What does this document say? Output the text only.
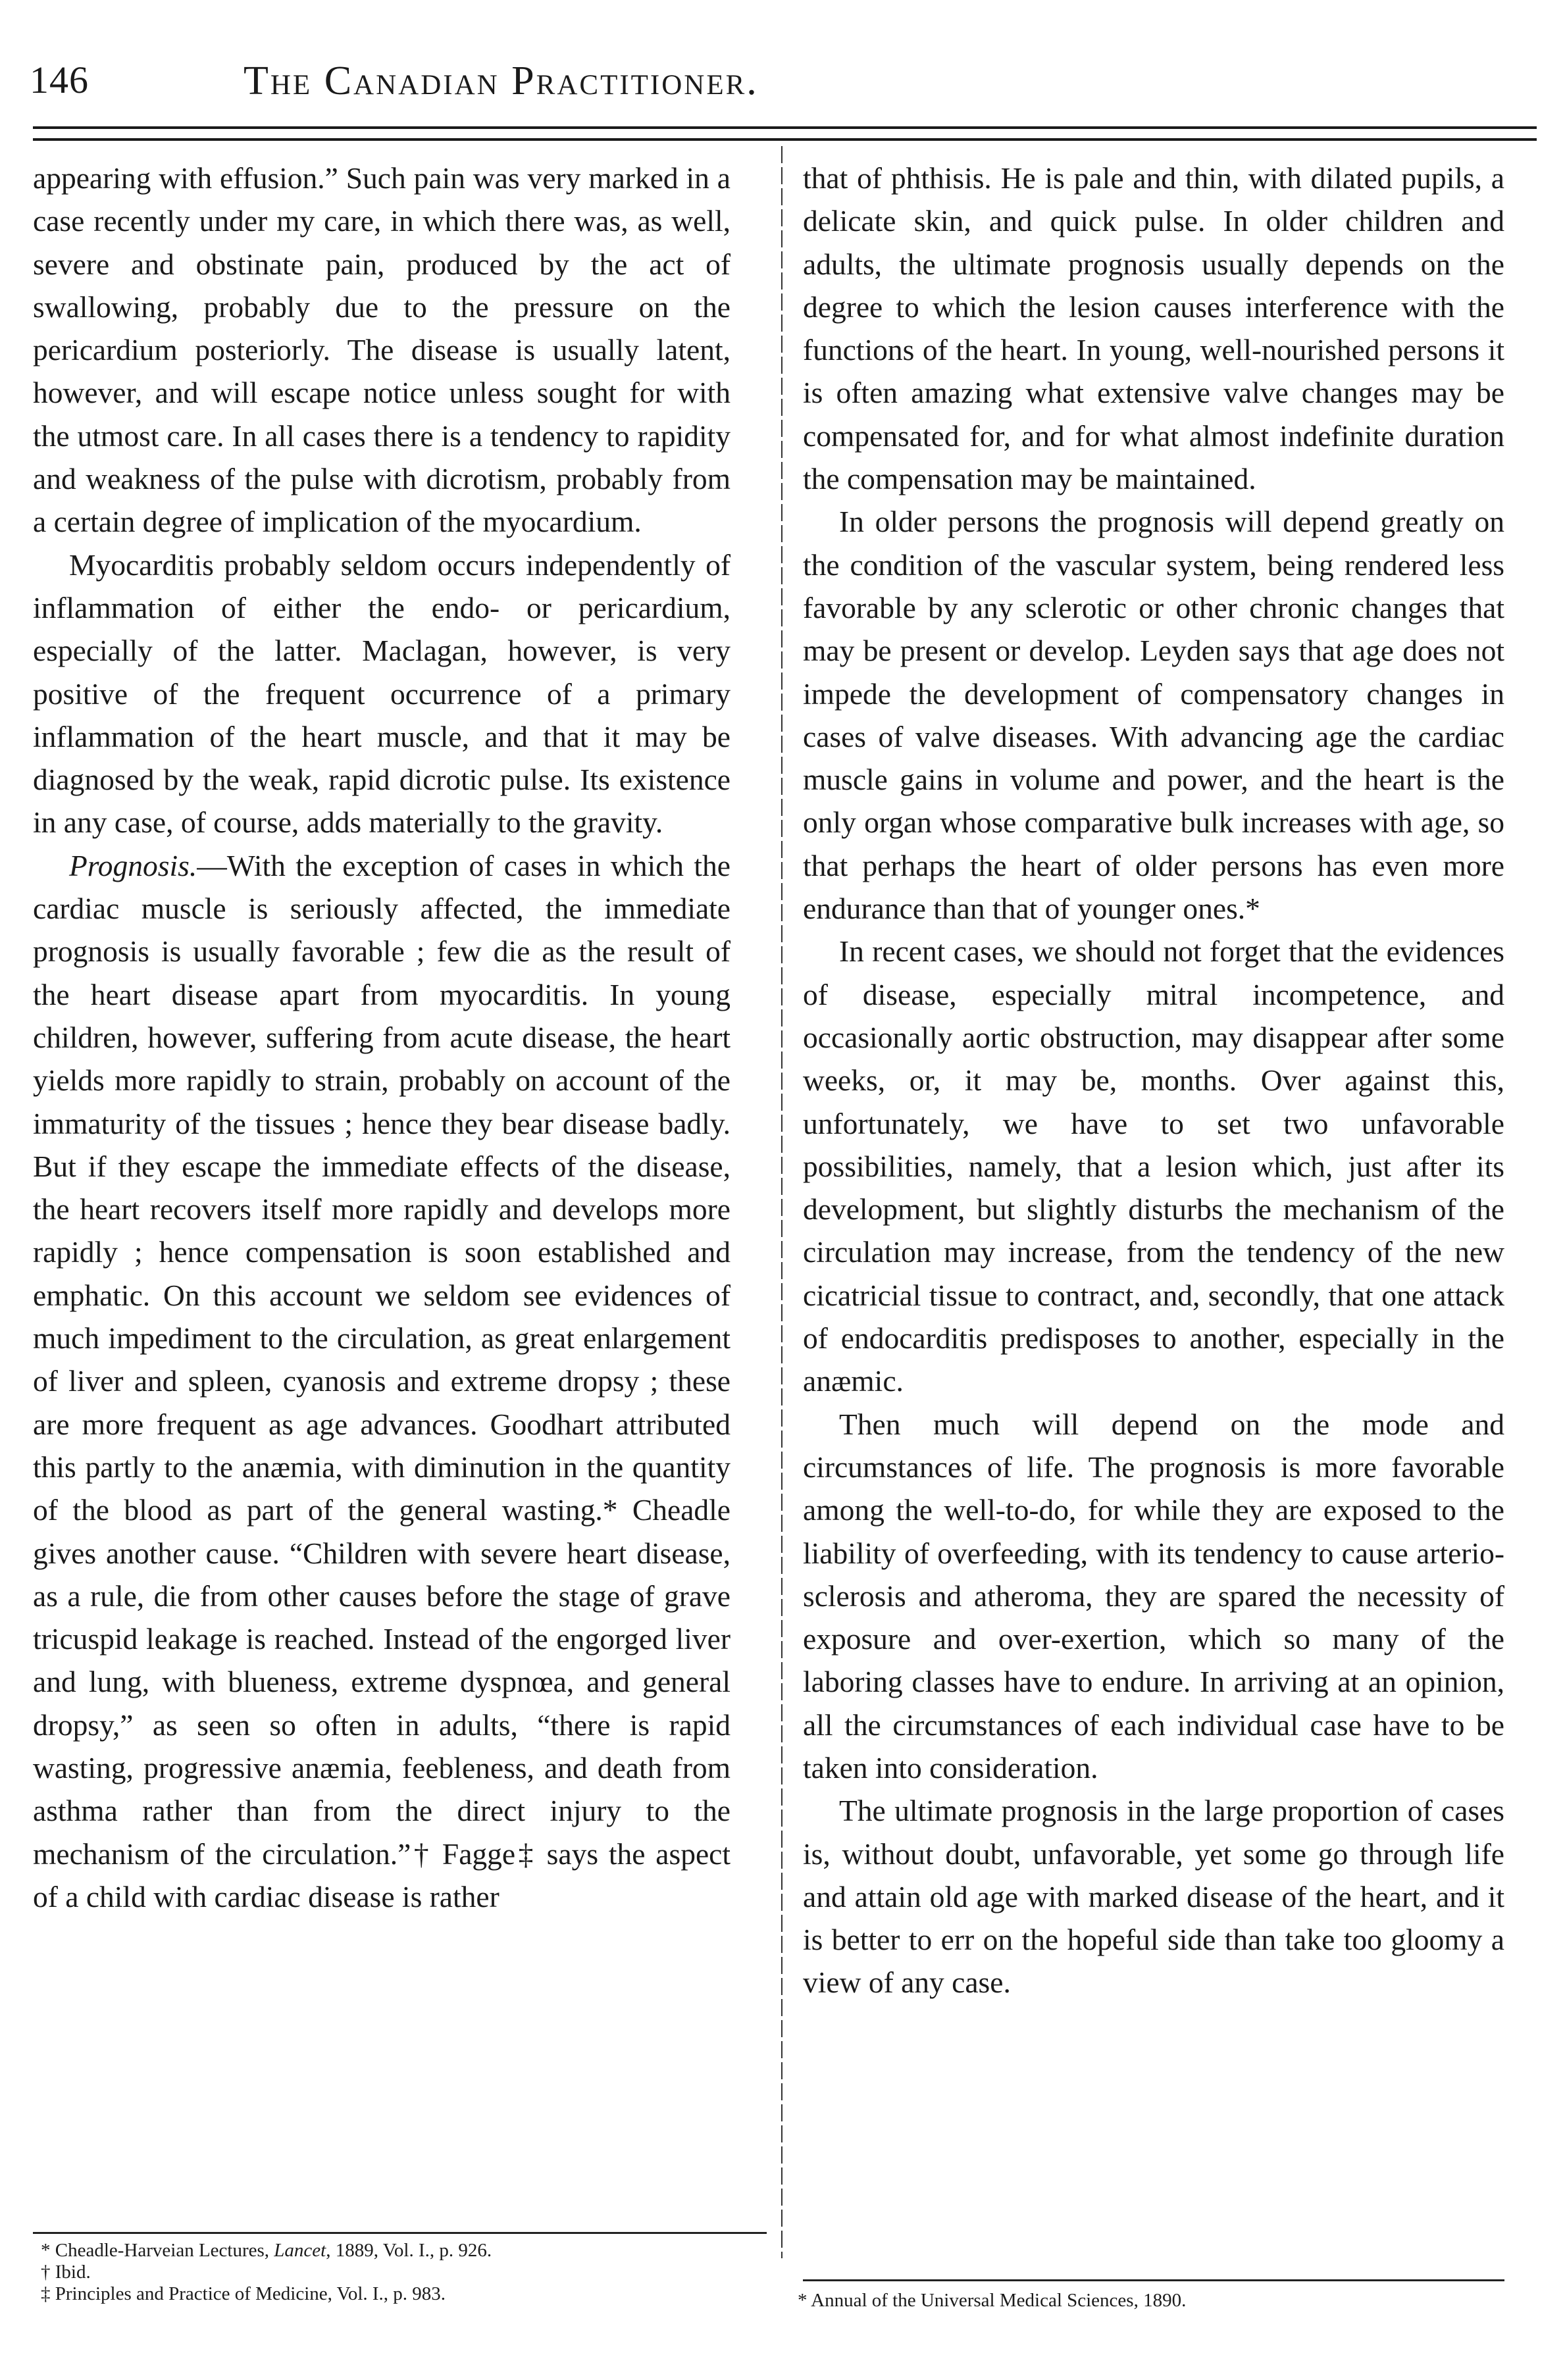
146	The Canadian Practitioner.

appearing with effusion.” Such pain was very marked in a case recently under my care, in which there was, as well, severe and obstinate pain, produced by the act of swallowing, probably due to the pressure on the pericardium posteriorly. The disease is usually latent, however, and will escape notice unless sought for with the utmost care. In all cases there is a tendency to rapidity and weakness of the pulse with dicrotism, probably from a certain degree of implication of the myocardium.

Myocarditis probably seldom occurs independently of inflammation of either the endo- or pericardium, especially of the latter. Maclagan, however, is very positive of the frequent occurrence of a primary inflammation of the heart muscle, and that it may be diagnosed by the weak, rapid dicrotic pulse. Its existence in any case, of course, adds materially to the gravity.

Prognosis.—With the exception of cases in which the cardiac muscle is seriously affected, the immediate prognosis is usually favorable ; few die as the result of the heart disease apart from myocarditis. In young children, however, suffering from acute disease, the heart yields more rapidly to strain, probably on account of the immaturity of the tissues ; hence they bear disease badly. But if they escape the immediate effects of the disease, the heart recovers itself more rapidly and develops more rapidly ; hence compensation is soon established and emphatic. On this account we seldom see evidences of much impediment to the circulation, as great enlargement of liver and spleen, cyanosis and extreme dropsy ; these are more frequent as age advances. Goodhart attributed this partly to the anæmia, with diminution in the quantity of the blood as part of the general wasting.* Cheadle gives another cause. “Children with severe heart disease, as a rule, die from other causes before the stage of grave tricuspid leakage is reached. Instead of the engorged liver and lung, with blueness, extreme dyspnœa, and general dropsy,” as seen so often in adults, “there is rapid wasting, progressive anæmia, feebleness, and death from asthma rather than from the direct injury to the mechanism of the circulation.”† Fagge‡ says the aspect of a child with cardiac disease is rather

that of phthisis. He is pale and thin, with dilated pupils, a delicate skin, and quick pulse. In older children and adults, the ultimate prognosis usually depends on the degree to which the lesion causes interference with the functions of the heart. In young, well-nourished persons it is often amazing what extensive valve changes may be compensated for, and for what almost indefinite duration the compensation may be maintained.

In older persons the prognosis will depend greatly on the condition of the vascular system, being rendered less favorable by any sclerotic or other chronic changes that may be present or develop. Leyden says that age does not impede the development of compensatory changes in cases of valve diseases. With advancing age the cardiac muscle gains in volume and power, and the heart is the only organ whose comparative bulk increases with age, so that perhaps the heart of older persons has even more endurance than that of younger ones.*

In recent cases, we should not forget that the evidences of disease, especially mitral incompetence, and occasionally aortic obstruction, may disappear after some weeks, or, it may be, months. Over against this, unfortunately, we have to set two unfavorable possibilities, namely, that a lesion which, just after its development, but slightly disturbs the mechanism of the circulation may increase, from the tendency of the new cicatricial tissue to contract, and, secondly, that one attack of endocarditis predisposes to another, especially in the anæmic.

Then much will depend on the mode and circumstances of life. The prognosis is more favorable among the well-to-do, for while they are exposed to the liability of overfeeding, with its tendency to cause arterio-sclerosis and atheroma, they are spared the necessity of exposure and over-exertion, which so many of the laboring classes have to endure. In arriving at an opinion, all the circumstances of each individual case have to be taken into consideration.

The ultimate prognosis in the large proportion of cases is, without doubt, unfavorable, yet some go through life and attain old age with marked disease of the heart, and it is better to err on the hopeful side than take too gloomy a view of any case.

* Cheadle-Harveian Lectures, Lancet, 1889, Vol. I., p. 926.
† Ibid.
‡ Principles and Practice of Medicine, Vol. I., p. 983.	* Annual of the Universal Medical Sciences, 1890.
